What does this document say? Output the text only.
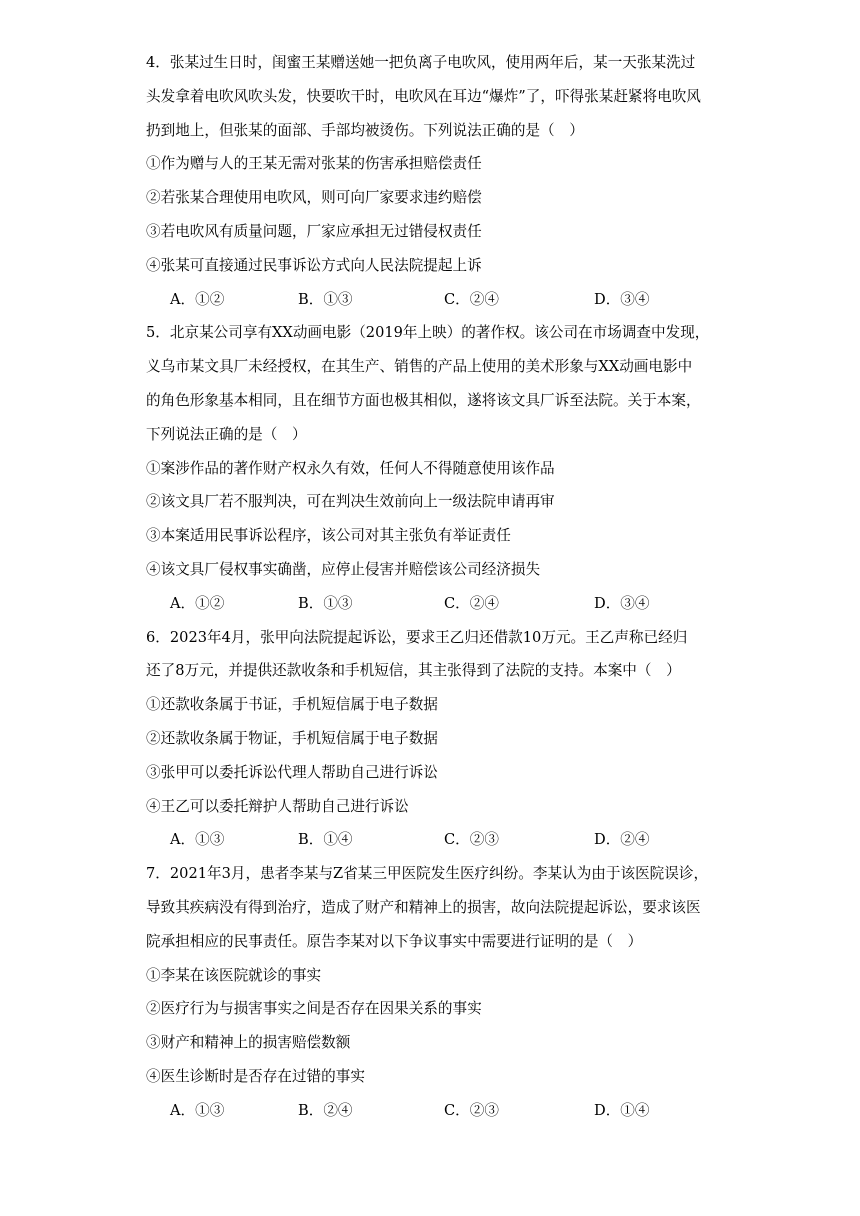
4．张某过生日时，闺蜜王某赠送她一把负离子电吹风，使用两年后，某一天张某洗过
头发拿着电吹风吹头发，快要吹干时，电吹风在耳边“爆炸”了，吓得张某赶紧将电吹风
扔到地上，但张某的面部、手部均被烫伤。下列说法正确的是（　）
①作为赠与人的王某无需对张某的伤害承担赔偿责任
②若张某合理使用电吹风，则可向厂家要求违约赔偿
③若电吹风有质量问题，厂家应承担无过错侵权责任
④张某可直接通过民事诉讼方式向人民法院提起上诉
A．①②	B．①③	C．②④	D．③④
5．北京某公司享有XX动画电影（2019年上映）的著作权。该公司在市场调查中发现，
义乌市某文具厂未经授权，在其生产、销售的产品上使用的美术形象与XX动画电影中
的角色形象基本相同，且在细节方面也极其相似，遂将该文具厂诉至法院。关于本案，
下列说法正确的是（　）
①案涉作品的著作财产权永久有效，任何人不得随意使用该作品
②该文具厂若不服判决，可在判决生效前向上一级法院申请再审
③本案适用民事诉讼程序，该公司对其主张负有举证责任
④该文具厂侵权事实确凿，应停止侵害并赔偿该公司经济损失
A．①②	B．①③	C．②④	D．③④
6．2023年4月，张甲向法院提起诉讼，要求王乙归还借款10万元。王乙声称已经归
还了8万元，并提供还款收条和手机短信，其主张得到了法院的支持。本案中（　）
①还款收条属于书证，手机短信属于电子数据
②还款收条属于物证，手机短信属于电子数据
③张甲可以委托诉讼代理人帮助自己进行诉讼
④王乙可以委托辩护人帮助自己进行诉讼
A．①③	B．①④	C．②③	D．②④
7．2021年3月，患者李某与Z省某三甲医院发生医疗纠纷。李某认为由于该医院误诊，
导致其疾病没有得到治疗，造成了财产和精神上的损害，故向法院提起诉讼，要求该医
院承担相应的民事责任。原告李某对以下争议事实中需要进行证明的是（　）
①李某在该医院就诊的事实
②医疗行为与损害事实之间是否存在因果关系的事实
③财产和精神上的损害赔偿数额
④医生诊断时是否存在过错的事实
A．①③	B．②④	C．②③	D．①④
